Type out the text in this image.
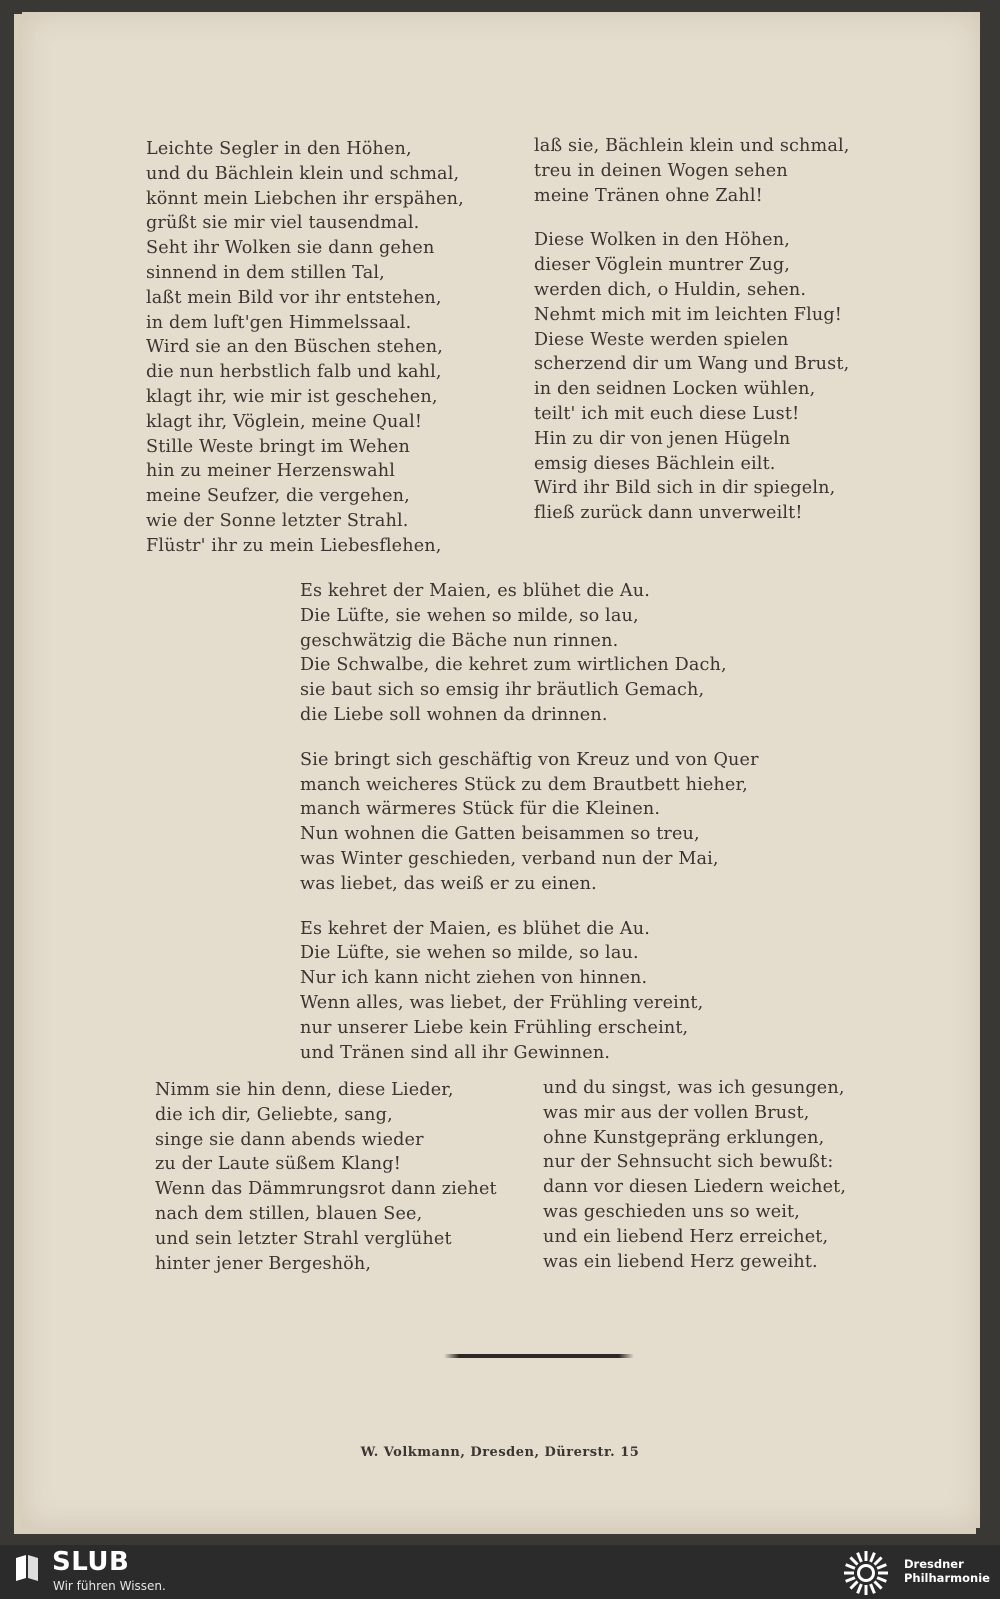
Leichte Segler in den Höhen,
und du Bächlein klein und schmal,
könnt mein Liebchen ihr erspähen,
grüßt sie mir viel tausendmal.
Seht ihr Wolken sie dann gehen
sinnend in dem stillen Tal,
laßt mein Bild vor ihr entstehen,
in dem luft'gen Himmelssaal.
Wird sie an den Büschen stehen,
die nun herbstlich falb und kahl,
klagt ihr, wie mir ist geschehen,
klagt ihr, Vöglein, meine Qual!
Stille Weste bringt im Wehen
hin zu meiner Herzenswahl
meine Seufzer, die vergehen,
wie der Sonne letzter Strahl.
Flüstr' ihr zu mein Liebesflehen,
laß sie, Bächlein klein und schmal,
treu in deinen Wogen sehen
meine Tränen ohne Zahl!
Diese Wolken in den Höhen,
dieser Vöglein muntrer Zug,
werden dich, o Huldin, sehen.
Nehmt mich mit im leichten Flug!
Diese Weste werden spielen
scherzend dir um Wang und Brust,
in den seidnen Locken wühlen,
teilt' ich mit euch diese Lust!
Hin zu dir von jenen Hügeln
emsig dieses Bächlein eilt.
Wird ihr Bild sich in dir spiegeln,
fließ zurück dann unverweilt!
Es kehret der Maien, es blühet die Au.
Die Lüfte, sie wehen so milde, so lau,
geschwätzig die Bäche nun rinnen.
Die Schwalbe, die kehret zum wirtlichen Dach,
sie baut sich so emsig ihr bräutlich Gemach,
die Liebe soll wohnen da drinnen.
Sie bringt sich geschäftig von Kreuz und von Quer
manch weicheres Stück zu dem Brautbett hieher,
manch wärmeres Stück für die Kleinen.
Nun wohnen die Gatten beisammen so treu,
was Winter geschieden, verband nun der Mai,
was liebet, das weiß er zu einen.
Es kehret der Maien, es blühet die Au.
Die Lüfte, sie wehen so milde, so lau.
Nur ich kann nicht ziehen von hinnen.
Wenn alles, was liebet, der Frühling vereint,
nur unserer Liebe kein Frühling erscheint,
und Tränen sind all ihr Gewinnen.
Nimm sie hin denn, diese Lieder,
die ich dir, Geliebte, sang,
singe sie dann abends wieder
zu der Laute süßem Klang!
Wenn das Dämmrungsrot dann ziehet
nach dem stillen, blauen See,
und sein letzter Strahl verglühet
hinter jener Bergeshöh,
und du singst, was ich gesungen,
was mir aus der vollen Brust,
ohne Kunstgepräng erklungen,
nur der Sehnsucht sich bewußt:
dann vor diesen Liedern weichet,
was geschieden uns so weit,
und ein liebend Herz erreichet,
was ein liebend Herz geweiht.
W. Volkmann, Dresden, Dürerstr. 15
SLUB
Wir führen Wissen.
Dresdner
Philharmonie
